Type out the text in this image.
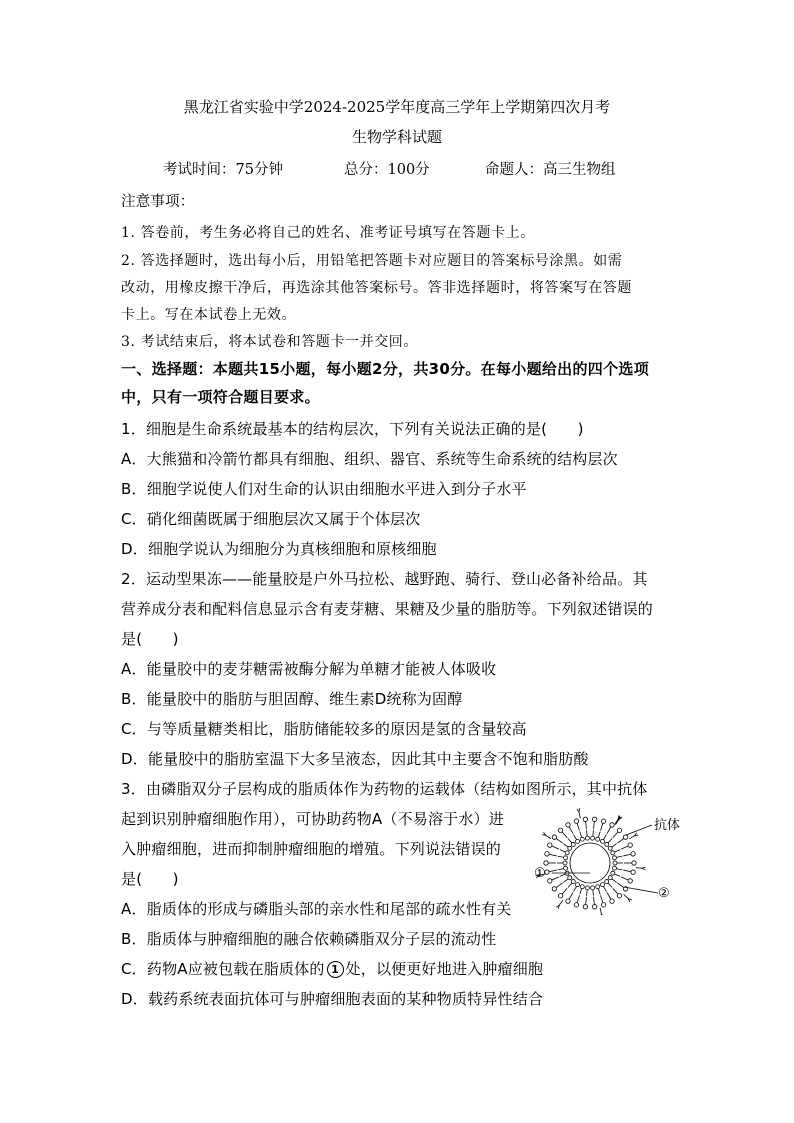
黑龙江省实验中学2024-2025学年度高三学年上学期第四次月考
生物学科试题
考试时间：75分钟	总分：100分	命题人：高三生物组
注意事项：
1. 答卷前，考生务必将自己的姓名、准考证号填写在答题卡上。
2. 答选择题时，选出每小后，用铅笔把答题卡对应题目的答案标号涂黑。如需
改动，用橡皮擦干净后，再选涂其他答案标号。答非选择题时，将答案写在答题
卡上。写在本试卷上无效。
3. 考试结束后，将本试卷和答题卡一并交回。
一、选择题：本题共15小题，每小题2分，共30分。在每小题给出的四个选项
中，只有一项符合题目要求。
1．细胞是生命系统最基本的结构层次，下列有关说法正确的是(　　)
A．大熊猫和冷箭竹都具有细胞、组织、器官、系统等生命系统的结构层次
B．细胞学说使人们对生命的认识由细胞水平进入到分子水平
C．硝化细菌既属于细胞层次又属于个体层次
D．细胞学说认为细胞分为真核细胞和原核细胞
2．运动型果冻——能量胶是户外马拉松、越野跑、骑行、登山必备补给品。其
营养成分表和配料信息显示含有麦芽糖、果糖及少量的脂肪等。下列叙述错误的
是(　　)
A．能量胶中的麦芽糖需被酶分解为单糖才能被人体吸收
B．能量胶中的脂肪与胆固醇、维生素D统称为固醇
C．与等质量糖类相比，脂肪储能较多的原因是氢的含量较高
D．能量胶中的脂肪室温下大多呈液态，因此其中主要含不饱和脂肪酸
3．由磷脂双分子层构成的脂质体作为药物的运载体（结构如图所示，其中抗体
起到识别肿瘤细胞作用），可协助药物A（不易溶于水）进
入肿瘤细胞，进而抑制肿瘤细胞的增殖。下列说法错误的
是(　　)
A．脂质体的形成与磷脂头部的亲水性和尾部的疏水性有关
B．脂质体与肿瘤细胞的融合依赖磷脂双分子层的流动性
C．药物A应被包载在脂质体的 1 处，以便更好地进入肿瘤细胞
D．载药系统表面抗体可与肿瘤细胞表面的某种物质特异性结合
①
②
抗体
